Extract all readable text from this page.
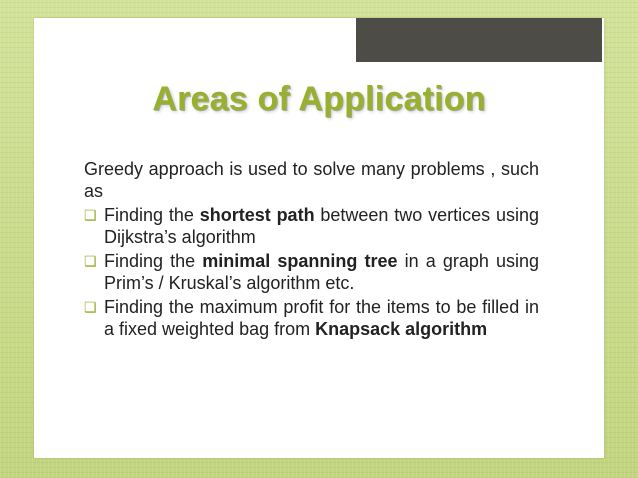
Areas of Application

Greedy approach is used to solve many problems , such as

❑ Finding the shortest path between two vertices using Dijkstra’s algorithm
❑ Finding the minimal spanning tree in a graph using Prim’s / Kruskal’s algorithm etc.
❑ Finding the maximum profit for the items to be filled in a fixed weighted bag from Knapsack algorithm
